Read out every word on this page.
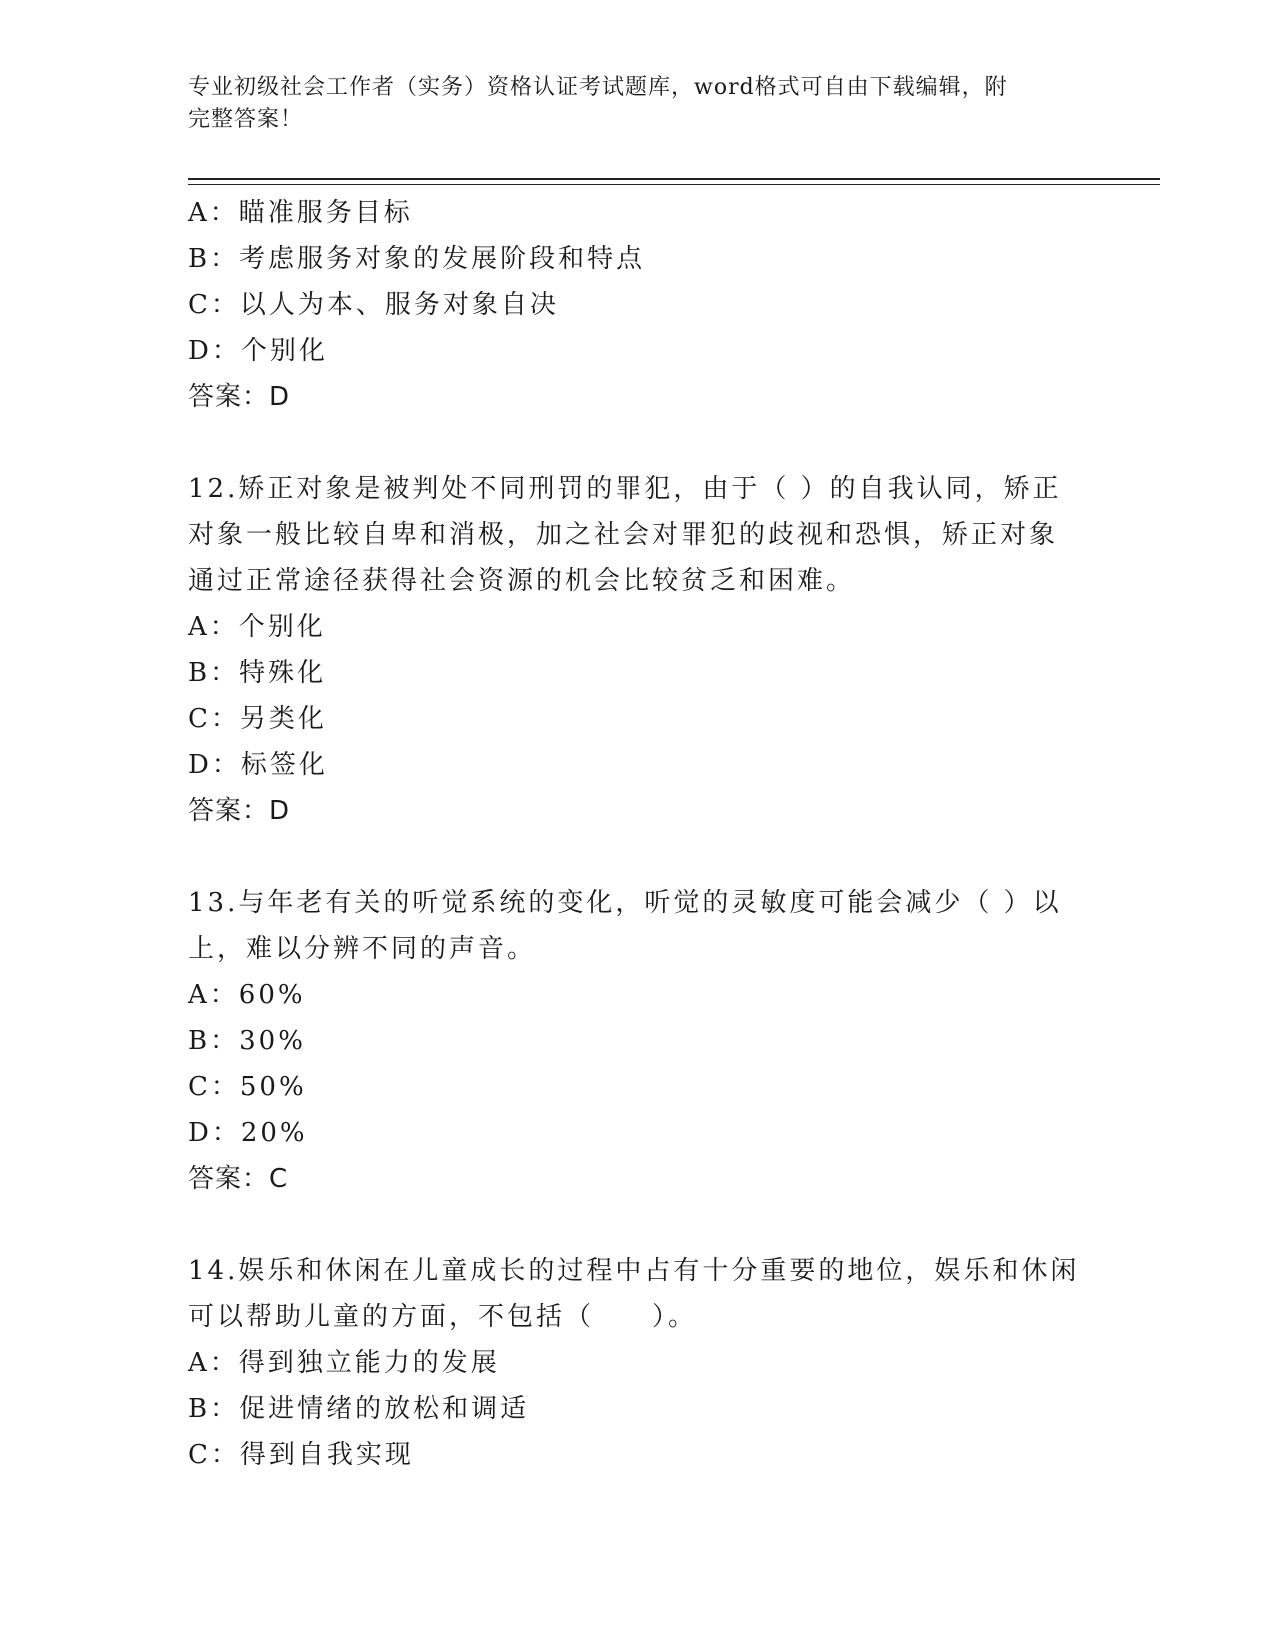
专业初级社会工作者（实务）资格认证考试题库，word格式可自由下载编辑，附
完整答案！
A：瞄准服务目标
B：考虑服务对象的发展阶段和特点
C：以人为本、服务对象自决
D：个别化
答案：D
12.矫正对象是被判处不同刑罚的罪犯，由于（ ）的自我认同，矫正
对象一般比较自卑和消极，加之社会对罪犯的歧视和恐惧，矫正对象
通过正常途径获得社会资源的机会比较贫乏和困难。
A：个别化
B：特殊化
C：另类化
D：标签化
答案：D
13.与年老有关的听觉系统的变化，听觉的灵敏度可能会减少（ ）以
上，难以分辨不同的声音。
A：60%
B：30%
C：50%
D：20%
答案：C
14.娱乐和休闲在儿童成长的过程中占有十分重要的地位，娱乐和休闲
可以帮助儿童的方面，不包括（　　）。
A：得到独立能力的发展
B：促进情绪的放松和调适
C：得到自我实现
